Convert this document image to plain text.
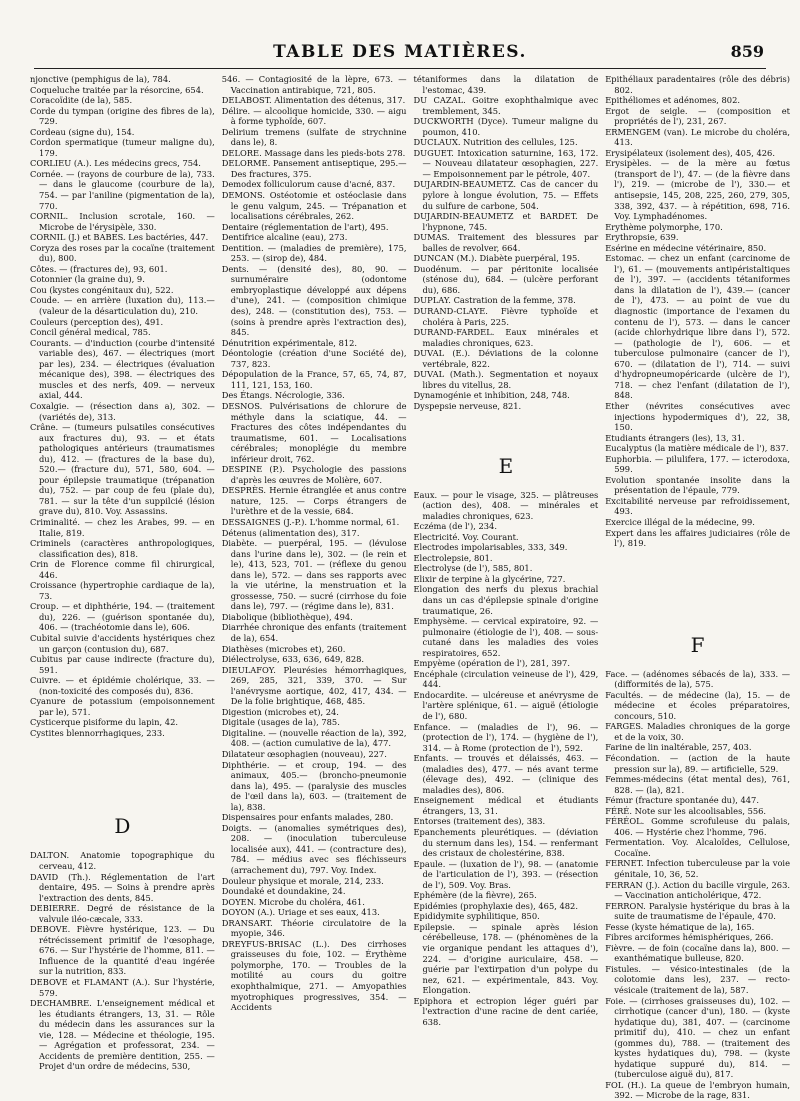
TABLE DES MATIÈRES.	859

njonctive (pemphigus de la), 784.

Coqueluche traitée par la résorcine, 654.

Coracoïdite (de la), 585.

Corde du tympan (origine des fibres de la), 729.

Cordeau (signe du), 154.

Cordon spermatique (tumeur maligne du), 179.

CORLIEU (A.). Les médecins grecs, 754.

Cornée. — (rayons de courbure de la), 733. — dans le glaucome (courbure de la), 754. — par l'aniline (pigmentation de la), 770.

CORNIL. Inclusion scrotale, 160. — Microbe de l'érysipèle, 330.

CORNIL (J.) et BABES. Les bactéries, 447.

Coryza des roses par la cocaïne (traitement du), 800.

Côtes. — (fractures de), 93, 601.

Cotonnier (la graine du), 9.

Cou (kystes congénitaux du), 522.

Coude. — en arrière (luxation du), 113.— (valeur de la désarticulation du), 210.

Couleurs (perception des), 491.

Concil général medical, 785.

Courants. — d'induction (courbe d'intensité variable des), 467. — électriques (mort par les), 234. — électriques (évaluation mécanique des), 398. — électriques des muscles et des nerfs, 409. — nerveux axial, 444.

Coxalgie. — (résection dans a), 302. — (variétés de), 313.

Crâne. — (tumeurs pulsatiles consécutives aux fractures du), 93. — et états pathologiques antérieurs (traumatismes du), 412. — (fractures de la base du), 520.— (fracture du), 571, 580, 604. — pour épilepsie traumatique (trépanation du), 752. — par coup de feu (plaie du), 781. — sur la tête d'un suppilcié (lésion grave du), 810. Voy. Assassins.

Criminalité. — chez les Arabes, 99. — en Italie, 819.

Criminels (caractères anthropologiques, classification des), 818.

Crin de Florence comme fil chirurgical, 446.

Croissance (hypertrophie cardiaque de la), 73.

Croup. — et diphthérie, 194. — (traitement du), 226. — (guérison spontanée du), 406. — (trachéotomie dans le), 606.

Cubital suivie d'accidents hystériques chez un garçon (contusion du), 687.

Cubitus par cause indirecte (fracture du), 591.

Cuivre. — et épidémie cholérique, 33. — (non-toxicité des composés du), 836.

Cyanure de potassium (empoisonnement par le), 571.

Cysticerque pisiforme du lapin, 42.

Cystites blennorrhagiques, 233.

D

DALTON. Anatomie topographique du cerveau, 412.

DAVID (Th.). Réglementation de l'art dentaire, 495. — Soins à prendre après l'extraction des dents, 845.

DEBIERRE. Degré de résistance de la valvule iléo-cæcale, 333.

DEBOVE. Fièvre hystérique, 123. — Du rétrécissement primitif de l'œsophage, 676. — Sur l'hystérie de l'homme, 811. — Influence de la quantité d'eau ingérée sur la nutrition, 833.

DEBOVE et FLAMANT (A.). Sur l'hystérie, 579.

DECHAMBRE. L'enseignement médical et les étudiants étrangers, 13, 31. — Rôle du médecin dans les assurances sur la vie, 128. — Médecine et théologie, 195. — Agrégation et professorat, 234. — Accidents de première dentition, 255. — Projet d'un ordre de médecins, 530,

546. — Contagiosité de la lèpre, 673. — Vaccination antirabique, 721, 805.

DELABOST. Alimentation des détenus, 317.

Délire. — alcoolique homicide, 330. — aigu à forme typhoïde, 607.

Delirium tremens (sulfate de strychnine dans le), 8.

DELORE. Massage dans les pieds-bots 278.

DELORME. Pansement antiseptique, 295.— Des fractures, 375.

Demodex folliculorum cause d'acné, 837.

DEMONS. Ostéotomie et ostéoclasie dans le genu valgum, 245. — Trépanation et localisations cérébrales, 262.

Dentaire (réglementation de l'art), 495.

Dentifrice alcaline (eau), 273.

Dentition. — (maladies de première), 175, 253. — (sirop de), 484.

Dents. — (densité des), 80, 90. — surnuméraire (odontome embryoplastique développé aux dépens d'une), 241. — (composition chimique des), 248. — (constitution des), 753. — (soins à prendre après l'extraction des), 845.

Dénutrition expérimentale, 812.

Déontologie (création d'une Société de), 737, 823.

Dépopulation de la France, 57, 65, 74, 87, 111, 121, 153, 160.

Des Étangs. Nécrologie, 336.

DESNOS. Pulvérisations de chlorure de méthyle dans la sciatique, 44. — Fractures des côtes indépendantes du traumatisme, 601. — Localisations cérébrales; monoplégie du membre inférieur droit, 762.

DESPINE (P.). Psychologie des passions d'après les œuvres de Molière, 607.

DESPRÈS. Hernie étranglée et anus contre nature, 125. — Corps étrangers de l'urèthre et de la vessie, 684.

DESSAIGNES (J.-P.). L'homme normal, 61.

Détenus (alimentation des), 317.

Diabète. — puerpéral, 195. — (lévulose dans l'urine dans le), 302. — (le rein et le), 413, 523, 701. — (réflexe du genou dans le), 572. — dans ses rapports avec la vie utérine, la menstruation et la grossesse, 750. — sucré (cirrhose du foie dans le), 797. — (régime dans le), 831.

Diabolique (bibliothèque), 494.

Diarrhée chronique des enfants (traitement de la), 654.

Diathèses (microbes et), 260.

Diélectrolyse, 633, 636, 649, 828.

DIEULAFOY. Pleurésies hémorrhagiques, 269, 285, 321, 339, 370. — Sur l'anévrysme aortique, 402, 417, 434. — De la folie brightique, 468, 485.

Digestion (microbes et), 24.

Digitale (usages de la), 785.

Digitaline. — (nouvelle réaction de la), 392, 408. — (action cumulative de la), 477.

Dilatateur œsophagien (nouveau), 227.

Diphthérie. — et croup, 194. — des animaux, 405.— (broncho-pneumonie dans la), 495. — (paralysie des muscles de l'œil dans la), 603. — (traitement de la), 838.

Dispensaires pour enfants malades, 280.

Doigts. — (anomalies symétriques des), 208. — (inoculation tuberculeuse localisée aux), 441. — (contracture des), 784. — médius avec ses fléchisseurs (arrachement du), 797. Voy. Index.

Douleur physique et morale, 214, 233.

Doundaké et doundakine, 24.

DOYEN. Microbe du choléra, 461.

DOYON (A.). Uriage et ses eaux, 413.

DRANSART. Théorie circulatoire de la myopie, 346.

DREYFUS-BRISAC (L.). Des cirrhoses graisseuses du foie, 102. — Érythème polymorphe, 170. — Troubles de la motilité au cours du goitre exophthalmique, 271. — Amyopathies myotrophiques progressives, 354. — Accidents

tétaniformes dans la dilatation de l'estomac, 439.

DU CAZAL. Goitre exophthalmique avec tremblement, 345.

DUCKWORTH (Dyce). Tumeur maligne du poumon, 410.

DUCLAUX. Nutrition des cellules, 125.

DUGUET. Intoxication saturnine, 163, 172. — Nouveau dilatateur œsophagien, 227. — Empoisonnement par le pétrole, 407.

DUJARDIN-BEAUMETZ. Cas de cancer du pylore à longue évolution, 75. — Effets du sulfure de carbone, 504.

DUJARDIN-BEAUMETZ et BARDET. De l'hypnone, 745.

DUMAS. Traitement des blessures par balles de revolver, 664.

DUNCAN (M.). Diabète puerpéral, 195.

Duodénum. — par péritonite localisée (sténose du), 684. — (ulcère perforant du), 686.

DUPLAY. Castration de la femme, 378.

DURAND-CLAYE. Fièvre typhoïde et choléra à Paris, 225.

DURAND-FARDEL. Eaux minérales et maladies chroniques, 623.

DUVAL (E.). Déviations de la colonne vertébrale, 822.

DUVAL (Math.). Segmentation et noyaux libres du vitellus, 28.

Dynamogénie et inhibition, 248, 748.

Dyspepsie nerveuse, 821.

E

Eaux. — pour le visage, 325. — plâtreuses (action des), 408. — minérales et maladies chroniques, 623.

Eczéma (de l'), 234.

Electricité. Voy. Courant.

Electrodes impolarisables, 333, 349.

Electrolepsie, 801.

Electrolyse (de l'), 585, 801.

Elixir de terpine à la glycérine, 727.

Elongation des nerfs du plexus brachial dans un cas d'épilepsie spinale d'origine traumatique, 26.

Emphysème. — cervical expiratoire, 92. — pulmonaire (étiologie de l'), 408. — sous-cutané dans les maladies des voies respiratoires, 652.

Empyème (opération de l'), 281, 397.

Encéphale (circulation veineuse de l'), 429, 444.

Endocardite. — ulcéreuse et anévrysme de l'artère splénique, 61. — aiguë (étiologie de l'), 680.

Enfance. — (maladies de l'), 96. — (protection de l'), 174. — (hygiène de l'), 314. — à Rome (protection de l'), 592.

Enfants. — trouvés et délaissés, 463. — (maladies des), 477. — nés avant terme (élevage des), 492. — (clinique des maladies des), 806.

Enseignement médical et étudiants étrangers, 13, 31.

Entorses (traitement des), 383.

Epanchements pleurétiques. — (déviation du sternum dans les), 154. — renfermant des cristaux de cholestérine, 838.

Epaule. — (luxation de l'), 98. — (anatomie de l'articulation de l'), 393. — (résection de l'), 509. Voy. Bras.

Ephémère (de la fièvre), 265.

Epidémies (prophylaxie des), 465, 482.

Epididymite syphilitique, 850.

Epilepsie. — spinale après lésion cérébelleuse, 178. — (phénomènes de la vie organique pendant les attaques d'), 224. — d'origine auriculaire, 458. — guérie par l'extirpation d'un polype du nez, 621. — expérimentale, 843. Voy. Elongation.

Epiphora et ectropion léger guéri par l'extraction d'une racine de dent cariée, 638.

Epithéliaux paradentaires (rôle des débris) 802.

Epithéliomes et adénomes, 802.

Ergot de seigle. — (composition et propriétés de l'), 231, 267.

ERMENGEM (van). Le microbe du choléra, 413.

Erysipélateux (isolement des), 405, 426.

Erysipèles. — de la mère au fœtus (transport de l'), 47. — (de la fièvre dans l'), 219. — (microbe de l'), 330.— et antisepsie, 145, 208, 225, 260, 279, 305, 338, 392, 437. — à répétition, 698, 716. Voy. Lymphadénomes.

Erythème polymorphe, 170.

Erythropsie, 639.

Esérine en médecine vétérinaire, 850.

Estomac. — chez un enfant (carcinome de l'), 61. — (mouvements antipéristaltiques de l'), 397. — (accidents tétaniformes dans la dilatation de l'), 439.— (cancer de l'), 473. — au point de vue du diagnostic (importance de l'examen du contenu de l'), 573. — dans le cancer (acide chlorhydrique libre dans l'), 572. — (pathologie de l'), 606. — et tuberculose pulmonaire (cancer de l'), 670. — (dilatation de l'), 714. — suivi d'hydropneumopéricarde (ulcère de l'), 718. — chez l'enfant (dilatation de l'), 848.

Ether (névrites consécutives avec injections hypodermiques d'), 22, 38, 150.

Etudiants étrangers (les), 13, 31.

Eucalyptus (la matière médicale de l'), 837.

Euphorbia. — pilulifera, 177. — icterodoxa, 599.

Evolution spontanée insolite dans la présentation de l'épaule, 779.

Excitabilité nerveuse par refroidissement, 493.

Exercice illégal de la médecine, 99.

Expert dans les affaires judiciaires (rôle de l'), 819.

F

Face. — (adénomes sébacés de la), 333. — (difformités de la), 575.

Facultés. — de médecine (la), 15. — de médecine et écoles préparatoires, concours, 510.

FARGES. Maladies chroniques de la gorge et de la voix, 30.

Farine de lin inaltérable, 257, 403.

Fécondation. — (action de la haute pression sur la), 89. — artificielle, 529.

Femmes-médecins (état mental des), 761, 828. — (la), 821.

Fémur (fracture spontanée du), 447.

FÉRÉ. Note sur les alcoolisables, 556.

FÉRÉOL. Gomme scrofuleuse du palais, 406. — Hystérie chez l'homme, 796.

Fermentation. Voy. Alcaloïdes, Cellulose, Cocaïne.

FERNET. Infection tuberculeuse par la voie génitale, 10, 36, 52.

FERRAN (J.). Action du bacille virgule, 263. — Vaccination anticholérique, 472.

FERRON. Paralysie hystérique du bras à la suite de traumatisme de l'épaule, 470.

Fesse (kyste hématique de la), 165.

Fibres arciformes hémisphériques, 266.

Fièvre. — de foin (cocaïne dans la), 800. — exanthématique bulleuse, 820.

Fistules. — vésico-intestinales (de la colotomie dans les), 237. — recto-vésicale (traitement de la), 587.

Foie. — (cirrhoses graisseuses du), 102. — cirrhotique (cancer d'un), 180. — (kyste hydatique du), 381, 407. — (carcinome primitif du), 410. — chez un enfant (gommes du), 788. — (traitement des kystes hydatiques du), 798. — (kyste hydatique suppuré du), 814. — (tuberculose aiguë du), 817.

FOL (H.). La queue de l'embryon humain, 392. — Microbe de la rage, 831.
